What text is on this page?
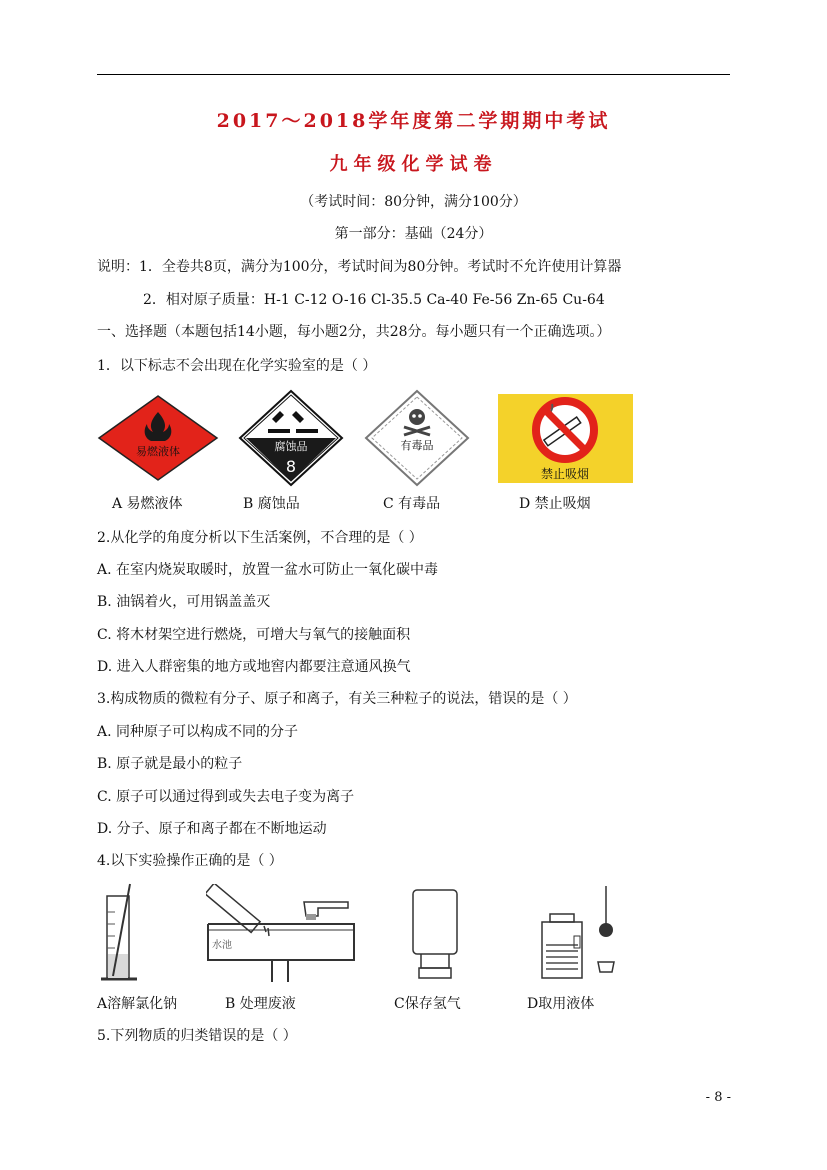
2017～2018学年度第二学期期中考试
九年级化学试卷
（考试时间：80分钟，满分100分）
第一部分：基础（24分）
说明：1．全卷共8页，满分为100分，考试时间为80分钟。考试时不允许使用计算器
2．相对原子质量：H-1 C-12 O-16 Cl-35.5 Ca-40 Fe-56 Zn-65 Cu-64
一、选择题（本题包括14小题，每小题2分，共28分。每小题只有一个正确选项。）
1．以下标志不会出现在化学实验室的是（ ）
易燃液体	腐蚀品
8
有毒品
禁止吸烟
A 易燃液体	B 腐蚀品	C 有毒品	D 禁止吸烟
2.从化学的角度分析以下生活案例，不合理的是（ ）
A. 在室内烧炭取暖时，放置一盆水可防止一氧化碳中毒
B. 油锅着火，可用锅盖盖灭
C. 将木材架空进行燃烧，可增大与氧气的接触面积
D. 进入人群密集的地方或地窖内都要注意通风换气
3.构成物质的微粒有分子、原子和离子，有关三种粒子的说法，错误的是（ ）
A. 同种原子可以构成不同的分子
B. 原子就是最小的粒子
C. 原子可以通过得到或失去电子变为离子
D. 分子、原子和离子都在不断地运动
4.以下实验操作正确的是（ ）
水池
A溶解氯化钠	B 处理废液	C保存氢气	D取用液体
5.下列物质的归类错误的是（ ）
- 8 -
